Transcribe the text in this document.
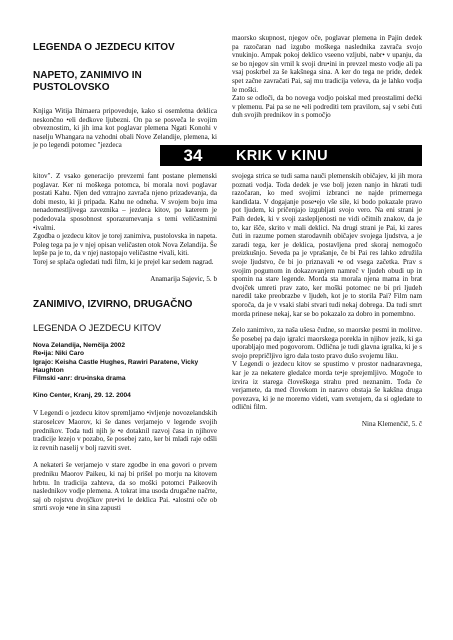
LEGENDA O JEZDECU KITOV

NAPETO, ZANIMIVO IN PUSTOLOVSKO

Knjiga Witija Ihimaera pripoveduje, kako si osemletna deklica neskončno •eli dedkove ljubezni. On pa se posveča le svojim obveznostim, ki jih ima kot poglavar plemena Ngati Konohi v naselju Whangara na vzhodni obali Nove Zelandije, plemena, ki je po legendi potomec "jezdeca

maorsko skupnost, njegov oče, poglavar plemena in Pajin dedek pa razočaran nad izgubo moškega naslednika zavrača svojo vnukinjo. Ampak pokoj deklico vseeno vzljubi, nabr• v upanju, da se bo njegov sin vrnil k svoji dru•ini in prevzel mesto vodje ali pa vsaj poskrbel za še kakšnega sina. A ker do tega ne pride, dedek spet začne zavračati Pai, saj mu tradicija veleva, da je lahko vodja le moški.

Zato se odloči, da bo novega vodjo poiskal med preostalimi dečki v plemenu. Pai pa se ne •eli podrediti tem pravilom, saj v sebi čuti duh svojih prednikov in s pomočjo

34	KRIK V KINU

kitov". Z vsako generacijo prevzemi fant postane plemenski poglavar. Ker ni moškega potomca, bi morala novi poglavar postati Kahu. Njen ded vztrajno zavrača njeno prizadevanja, da dobi mesto, ki ji pripada. Kahu ne odneha. V svojem boju ima nenadomestljivega zaveznika – jezdeca kitov, po katerem je podedovala sposobnost sporazumevanja s temi veličastnimi •ivalmi.

Zgodba o jezdecu kitov je torej zanimiva, pustolovska in napeta. Poleg tega pa je v njej opisan veličasten otok Nova Zelandija. Še lepše pa je to, da v njej nastopajo veličastne •ivali, kiti.

Torej se splača ogledati tudi film, ki je prejel kar sedem nagrad.

Anamarija Sajevic, 5. b

ZANIMIVO, IZVIRNO, DRUGAČNO

LEGENDA O JEZDECU KITOV

Nova Zelandija, Nemčija 2002

Re•ija: Niki Caro

Igrajo: Keisha Castle Hughes, Rawiri Paratene, Vicky Haughton

Filmski •anr: dru•inska drama

Kino Center, Kranj, 29. 12. 2004

V Legendi o jezdecu kitov spremljamo •ivljenje novozelandskih staroselcev Maorov, ki še danes verjamejo v legende svojih prednikov. Toda tudi njih je •e dotaknil razvoj časa in njihove tradicije lezejo v pozabo, še posebej zato, ker bi mladi raje odšli iz revnih naselij v bolj razviti svet.

A nekateri še verjamejo v stare zgodbe in ena govori o prvem predniku Maorov Paikeu, ki naj bi prišel po morju na kitovem hrbtu. In tradicija zahteva, da so moški potomci Paikeovih naslednikov vodje plemena. A tokrat ima usoda drugačne načrte, saj ob rojstvu dvojčkov pre•ivi le deklica Pai. •alostni oče ob smrti svoje •ene in sina zapusti

svojega strica se tudi sama nauči plemenskih običajev, ki jih mora poznati vodja. Toda dedek je vse bolj jezen nanjo in hkrati tudi razočaran, ko med svojimi izbranci ne najde primernega kandidata. V dogajanje pose•ejo vše sile, ki bodo pokazale pravo pot ljudem, ki pričenjajo izgubljati svojo vero. Na eni strani je Paih dedek, ki v svoji zaslepljenosti ne vidi očitnih znakov, da je to, kar išče, skrito v mali deklici. Na drugi strani je Pai, ki zares čuti in razume pomen starodavnih običajev svojega ljudstva, a je zaradi tega, ker je deklica, postavljena pred skoraj nemogočo preizkušnjo. Seveda pa je vprašanje, če bi Pai res lahko združila svoje ljudstvo, če bi jo priznavali •e od vsega začetka. Prav s svojim pogumom in dokazovanjem namreč v ljudeh obudi up in spomin na stare legende. Morda sta morala njena mama in brat dvojček umreti prav zato, ker moški potomec ne bi pri ljudeh naredil take preobrazbe v ljudeh, kot je to storila Pai? Film nam sporoča, da je v vsaki slabi stvari tudi nekaj dobrega. Da tudi smrt morda prinese nekaj, kar se bo pokazalo za dobro in pomembno.

Zelo zanimivo, za naša ušesa čudne, so maorske pesmi in molitve. Še posebej pa dajo igralci maorskega porekla in njihov jezik, ki ga uporabljajo med pogovorom. Odlična je tudi glavna igralka, ki je s svojo prepričljivo igro dala tosto pravo dušo svojemu liku.

V Legendi o jezdecu kitov se spustimo v prostor nadnaravnega, kar je za nekatere gledalce morda te•je sprejemljivo. Mogoče to izvira iz starega človeškega strahu pred neznanim. Toda če verjamete, da med človekom in naravo obstaja še kakšna druga povezava, ki je ne moremo videti, vam svetujem, da si ogledate to odlični film.

Nina Klemenčič, 5. č
